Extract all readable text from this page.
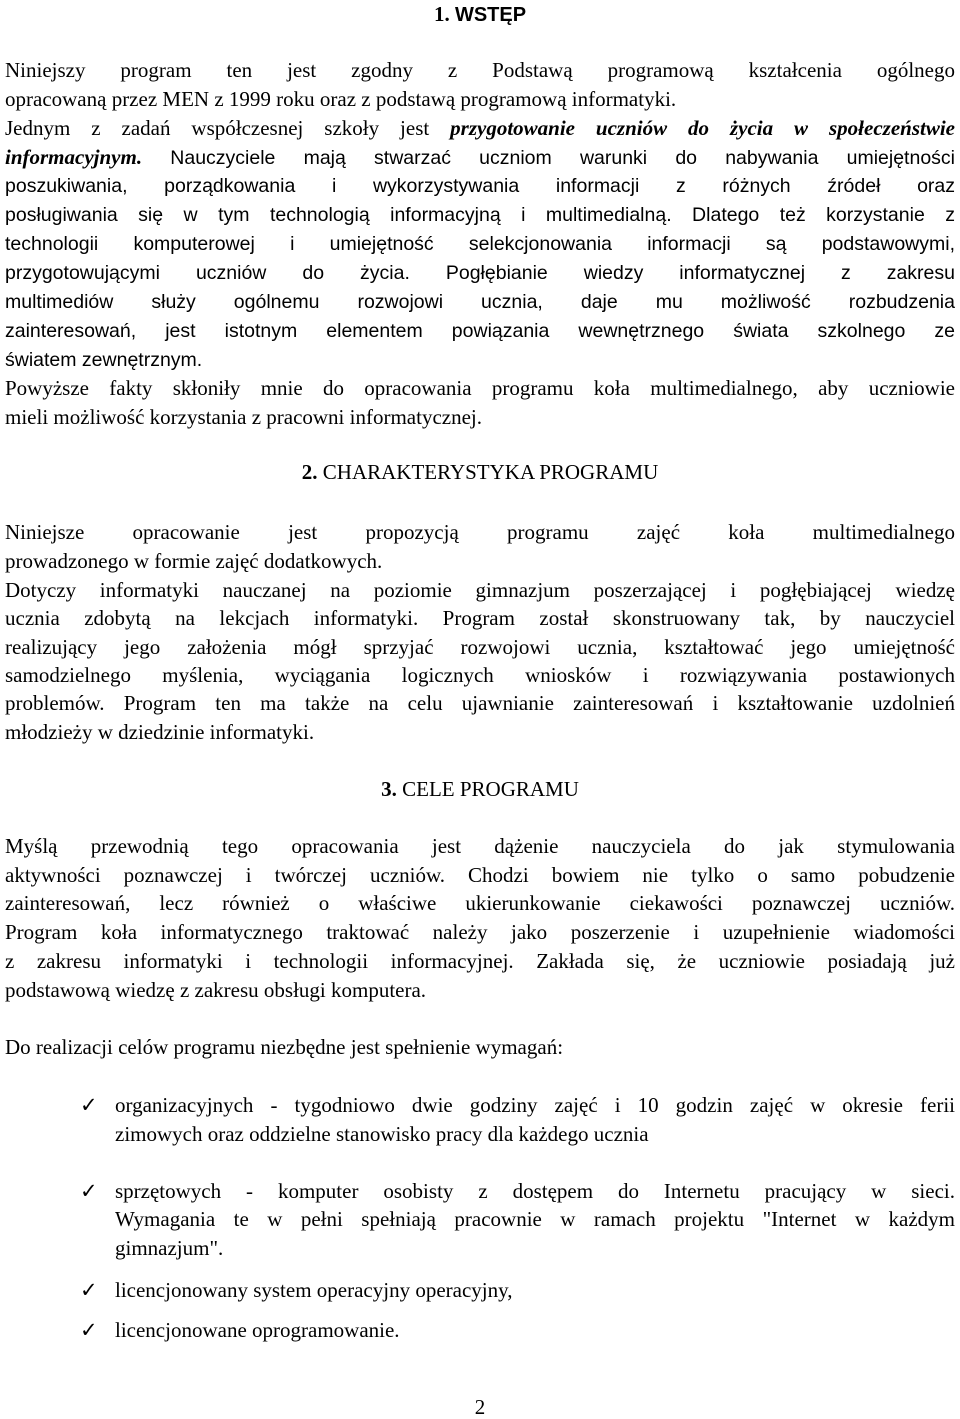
1. WSTĘP

Niniejszy program ten jest zgodny z Podstawą programową kształcenia ogólnego

opracowaną przez MEN z 1999 roku oraz z podstawą programową informatyki.

Jednym z zadań współczesnej szkoły jest przygotowanie uczniów do życia w społeczeństwie

informacyjnym. Nauczyciele mają stwarzać uczniom warunki do nabywania umiejętności

poszukiwania, porządkowania i wykorzystywania informacji z różnych źródeł oraz

posługiwania się w tym technologią informacyjną i multimedialną. Dlatego też korzystanie z

technologii komputerowej i umiejętność selekcjonowania informacji są podstawowymi,

przygotowującymi uczniów do życia. Pogłębianie wiedzy informatycznej z zakresu

multimediów służy ogólnemu rozwojowi ucznia, daje mu możliwość rozbudzenia

zainteresowań, jest istotnym elementem powiązania wewnętrznego świata szkolnego ze

światem zewnętrznym.

Powyższe fakty skłoniły mnie do opracowania programu koła multimedialnego, aby uczniowie

mieli możliwość korzystania z pracowni informatycznej.

2. CHARAKTERYSTYKA PROGRAMU

Niniejsze opracowanie jest propozycją programu zajęć koła multimedialnego

prowadzonego w formie zajęć dodatkowych.

Dotyczy informatyki nauczanej na poziomie gimnazjum poszerzającej i pogłębiającej wiedzę

ucznia zdobytą na lekcjach informatyki. Program został skonstruowany tak, by nauczyciel

realizujący jego założenia mógł sprzyjać rozwojowi ucznia, kształtować jego umiejętność

samodzielnego myślenia, wyciągania logicznych wniosków i rozwiązywania postawionych

problemów. Program ten ma także na celu ujawnianie zainteresowań i kształtowanie uzdolnień

młodzieży w dziedzinie informatyki.

3. CELE PROGRAMU

Myślą przewodnią tego opracowania jest dążenie nauczyciela do jak stymulowania

aktywności poznawczej i twórczej uczniów. Chodzi bowiem nie tylko o samo pobudzenie

zainteresowań, lecz również o właściwe ukierunkowanie ciekawości poznawczej uczniów.

Program koła informatycznego traktować należy jako poszerzenie i uzupełnienie wiadomości

z zakresu informatyki i technologii informacyjnej. Zakłada się, że uczniowie posiadają już

podstawową wiedzę z zakresu obsługi komputera.

Do realizacji celów programu niezbędne jest spełnienie wymagań:

✓ organizacyjnych - tygodniowo dwie godziny zajęć i 10 godzin zajęć w okresie ferii

zimowych oraz oddzielne stanowisko pracy dla każdego ucznia

✓ sprzętowych - komputer osobisty z dostępem do Internetu pracujący w sieci.

Wymagania te w pełni spełniają pracownie w ramach projektu "Internet w każdym

gimnazjum".

✓ licencjonowany system operacyjny operacyjny,

✓ licencjonowane oprogramowanie.

2
